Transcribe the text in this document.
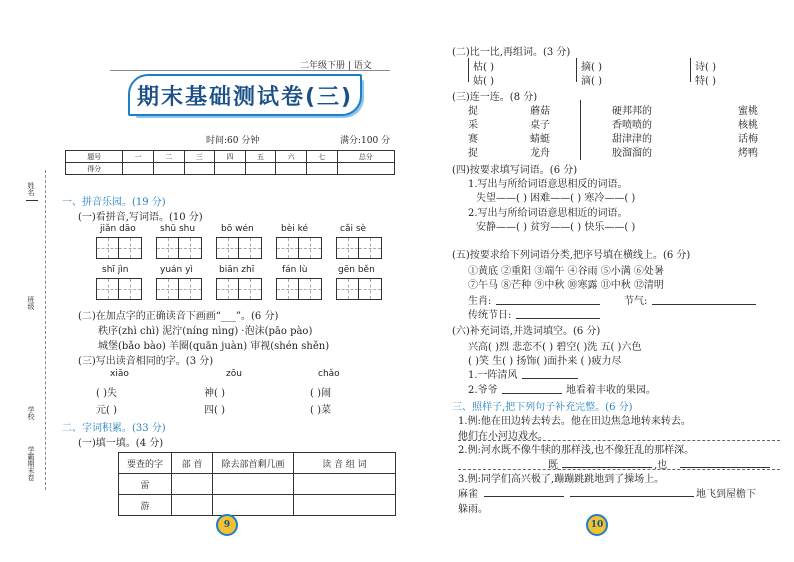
姓名
班级
学校
学霸期末卷
二年级下册 | 语文
期末基础测试卷(三)
时间:60 分钟	满分:100 分
题号	一	二	三	四	五	六	七	总分
得分								
一、拼音乐园。(19 分)
(一)看拼音,写词语。(10 分)
jiǎn dāo	shū shu	bō wén	bèi ké	cǎi sè
shī jìn	yuán yì	biān zhī	fán lù	gēn běn
(二)在加点字的正确读音下画画“___”。(6 分)
秩序(zhì chì) 泥泞(níng nìng) ·泡沫(pāo pào)
城堡(bǎo bào) 羊圈(quān juàn) 审视(shén shěn)
(三)写出读音相同的字。(3 分)
xiāo	zōu	chǎo
( )失	神( )	( )闹
元( )	四( )	( )菜
二、字词积累。(33 分)
(一)填一填。(4 分)
要查的字	部 首	除去部首剩几画	读 音 组 词
雷			
游			
9
(二)比一比,再组词。(3 分)
枯( )	摘( )	诗( )
姑( )	滴( )	特( )
(三)连一连。(8 分)
捉
采
赛
捉
蘑菇
桌子
蜻蜓
龙舟
硬邦邦的
香喷喷的
甜津津的
胶溜溜的
蜜桃
核桃
话梅
烤鸭
(四)按要求填写词语。(6 分)
1.写出与所给词语意思相反的词语。
失望——( ) 困难——( ) 寒冷——( )
2.写出与所给词语意思相近的词语。
安静——( ) 贫穷——( ) 快乐——( )
(五)按要求给下列词语分类,把序号填在横线上。(6 分)
①黄底 ②重阳 ③端午 ④谷雨 ⑤小满 ⑥处暑
⑦午马 ⑧芒种 ⑨中秋 ⑩寒露 ⑪中秋 ⑫清明
生肖:	节气:
传统节日:
(六)补充词语,并选词填空。(6 分)
兴高( )烈 悲恋不( ) 碧空( )洗 五( )六色
( )笑 生( ) 扬饰( )面扑来 ( )疲力尽
1.一阵清风
2.爷爷	地看着丰收的果园。
三、照样子,把下列句子补充完整。(6 分)
1.例:他在田边转去转去。他在田边焦急地转来转去。
他们在小河边戏水。
2.例:河水既不像牛犊的那样浅,也不像狂乱的那样深。
既	,也
3.例:同学们高兴极了,蹦蹦跳跳地到了操场上。
麻雀	地飞到屋檐下
躲雨。
10
